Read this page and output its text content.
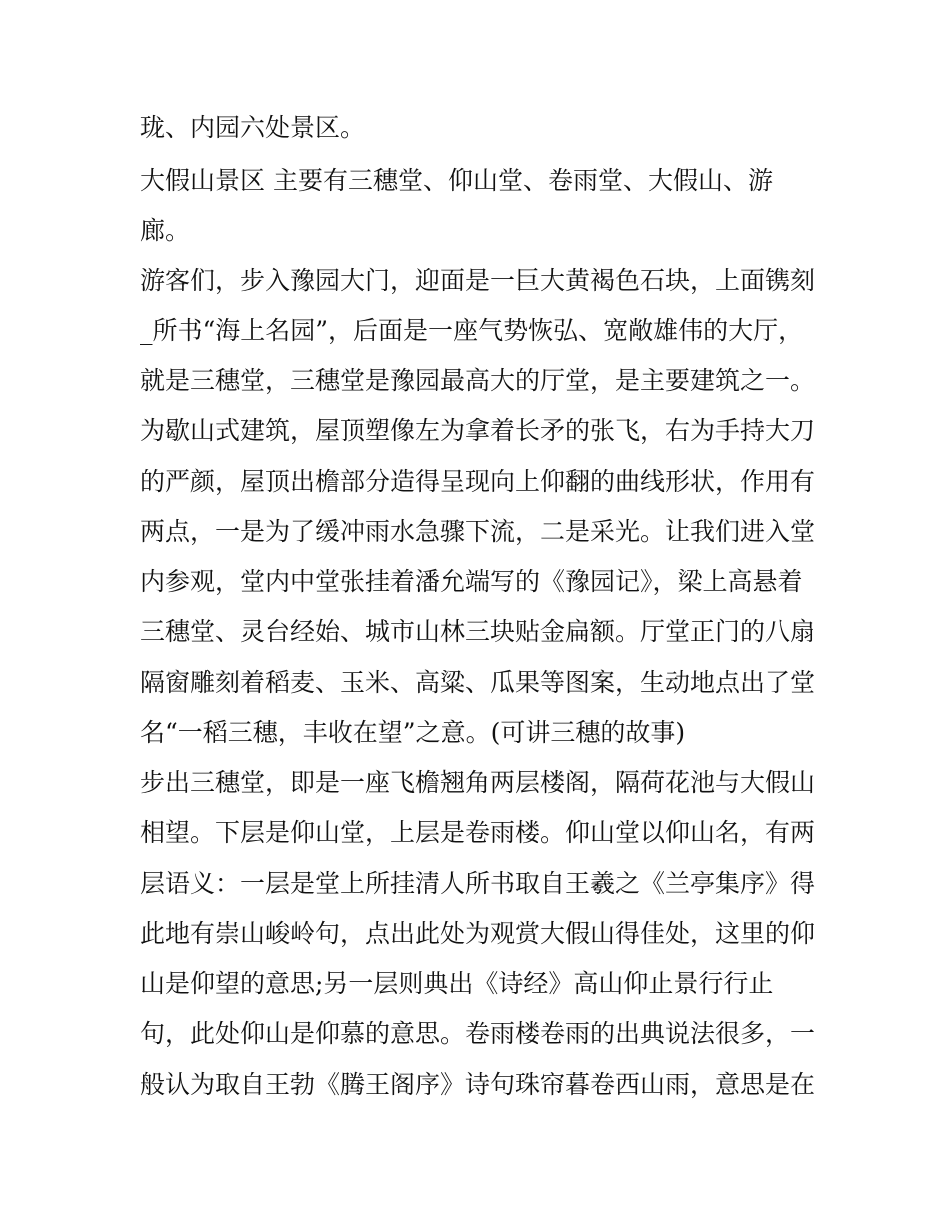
珑、内园六处景区。
大假山景区 主要有三穗堂、仰山堂、卷雨堂、大假山、游
廊。
游客们，步入豫园大门，迎面是一巨大黄褐色石块，上面镌刻
_所书“海上名园”，后面是一座气势恢弘、宽敞雄伟的大厅，
就是三穗堂，三穗堂是豫园最高大的厅堂，是主要建筑之一。
为歇山式建筑，屋顶塑像左为拿着长矛的张飞，右为手持大刀
的严颜，屋顶出檐部分造得呈现向上仰翻的曲线形状，作用有
两点，一是为了缓冲雨水急骤下流，二是采光。让我们进入堂
内参观，堂内中堂张挂着潘允端写的《豫园记》，梁上高悬着
三穗堂、灵台经始、城市山林三块贴金扁额。厅堂正门的八扇
隔窗雕刻着稻麦、玉米、高粱、瓜果等图案，生动地点出了堂
名“一稻三穗，丰收在望”之意。(可讲三穗的故事)
步出三穗堂，即是一座飞檐翘角两层楼阁，隔荷花池与大假山
相望。下层是仰山堂，上层是卷雨楼。仰山堂以仰山名，有两
层语义：一层是堂上所挂清人所书取自王羲之《兰亭集序》得
此地有崇山峻岭句，点出此处为观赏大假山得佳处，这里的仰
山是仰望的意思;另一层则典出《诗经》高山仰止景行行止
句，此处仰山是仰慕的意思。卷雨楼卷雨的出典说法很多，一
般认为取自王勃《腾王阁序》诗句珠帘暮卷西山雨，意思是在
